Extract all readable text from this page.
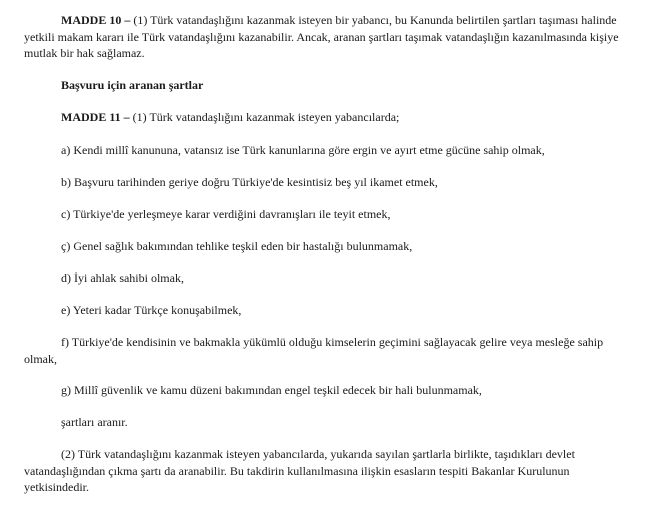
MADDE 10 – (1) Türk vatandaşlığını kazanmak isteyen bir yabancı, bu Kanunda belirtilen şartları taşıması halinde yetkili makam kararı ile Türk vatandaşlığını kazanabilir. Ancak, aranan şartları taşımak vatandaşlığın kazanılmasında kişiye mutlak bir hak sağlamaz.

Başvuru için aranan şartlar

MADDE 11 – (1) Türk vatandaşlığını kazanmak isteyen yabancılarda;

a) Kendi millî kanununa, vatansız ise Türk kanunlarına göre ergin ve ayırt etme gücüne sahip olmak,

b) Başvuru tarihinden geriye doğru Türkiye'de kesintisiz beş yıl ikamet etmek,

c) Türkiye'de yerleşmeye karar verdiğini davranışları ile teyit etmek,

ç) Genel sağlık bakımından tehlike teşkil eden bir hastalığı bulunmamak,

d) İyi ahlak sahibi olmak,

e) Yeteri kadar Türkçe konuşabilmek,

f) Türkiye'de kendisinin ve bakmakla yükümlü olduğu kimselerin geçimini sağlayacak gelire veya mesleğe sahip olmak,

g) Millî güvenlik ve kamu düzeni bakımından engel teşkil edecek bir hali bulunmamak,

şartları aranır.

(2) Türk vatandaşlığını kazanmak isteyen yabancılarda, yukarıda sayılan şartlarla birlikte, taşıdıkları devlet vatandaşlığından çıkma şartı da aranabilir. Bu takdirin kullanılmasına ilişkin esasların tespiti Bakanlar Kurulunun yetkisindedir.
